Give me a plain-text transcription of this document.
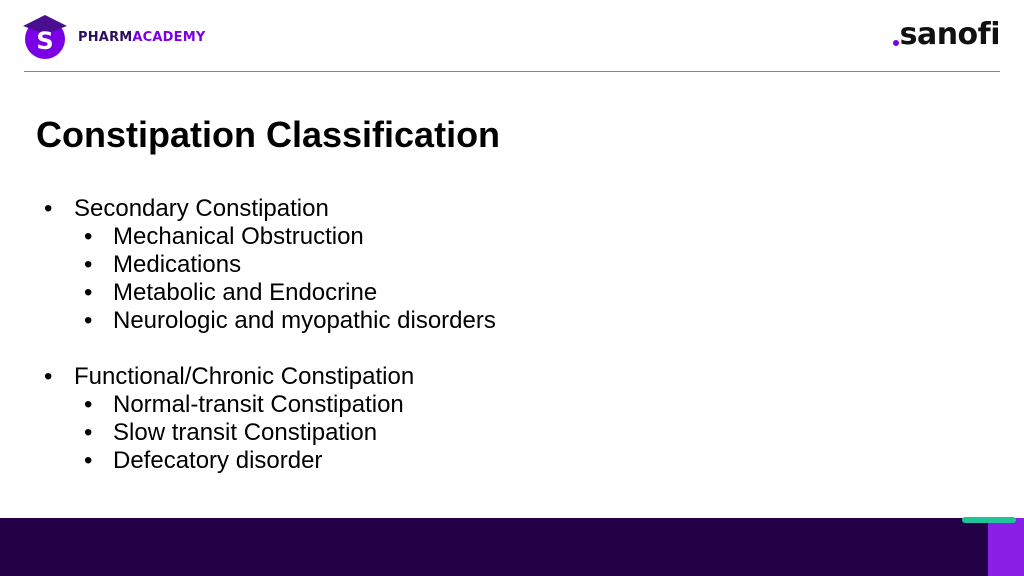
S PHARMACADEMY	sanofi
Constipation Classification
• Secondary Constipation
• Mechanical Obstruction
• Medications
• Metabolic and Endocrine
• Neurologic and myopathic disorders
• Functional/Chronic Constipation
• Normal-transit Constipation
• Slow transit Constipation
• Defecatory disorder
